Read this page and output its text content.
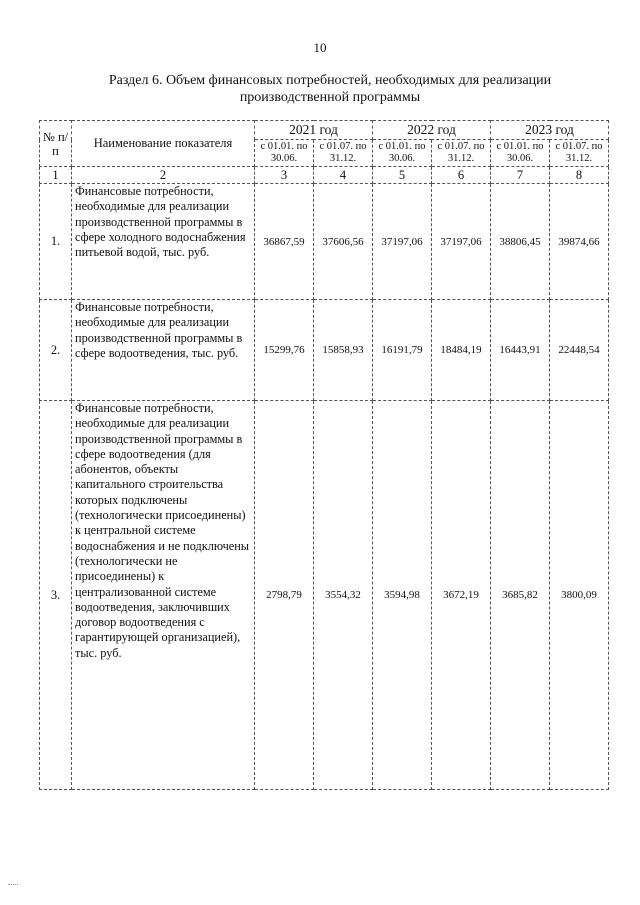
10
Раздел 6. Объем финансовых потребностей, необходимых для реализации
производственной программы
№ п/п	Наименование показателя	2021 год		2022 год		2023 год	
		с 01.01. по 30.06.	с 01.07. по 31.12.	с 01.01. по 30.06.	с 01.07. по 31.12.	с 01.01. по 30.06.	с 01.07. по 31.12.
1	2	3	4	5	6	7	8
1.	Финансовые потребности, необходимые для реализации производственной программы в сфере холодного водоснабжения питьевой водой, тыс. руб.	36867,59	37606,56	37197,06	37197,06	38806,45	39874,66
2.	Финансовые потребности, необходимые для реализации производственной программы в сфере водоотведения, тыс. руб.	15299,76	15858,93	16191,79	18484,19	16443,91	22448,54
3.	Финансовые потребности, необходимые для реализации производственной программы в сфере водоотведения (для абонентов, объекты капитального строительства которых подключены (технологически присоединены) к центральной системе водоснабжения и не подключены (технологически не присоединены) к централизованной системе водоотведения, заключивших договор водоотведения с гарантирующей организацией), тыс. руб.	2798,79	3554,32	3594,98	3672,19	3685,82	3800,09
